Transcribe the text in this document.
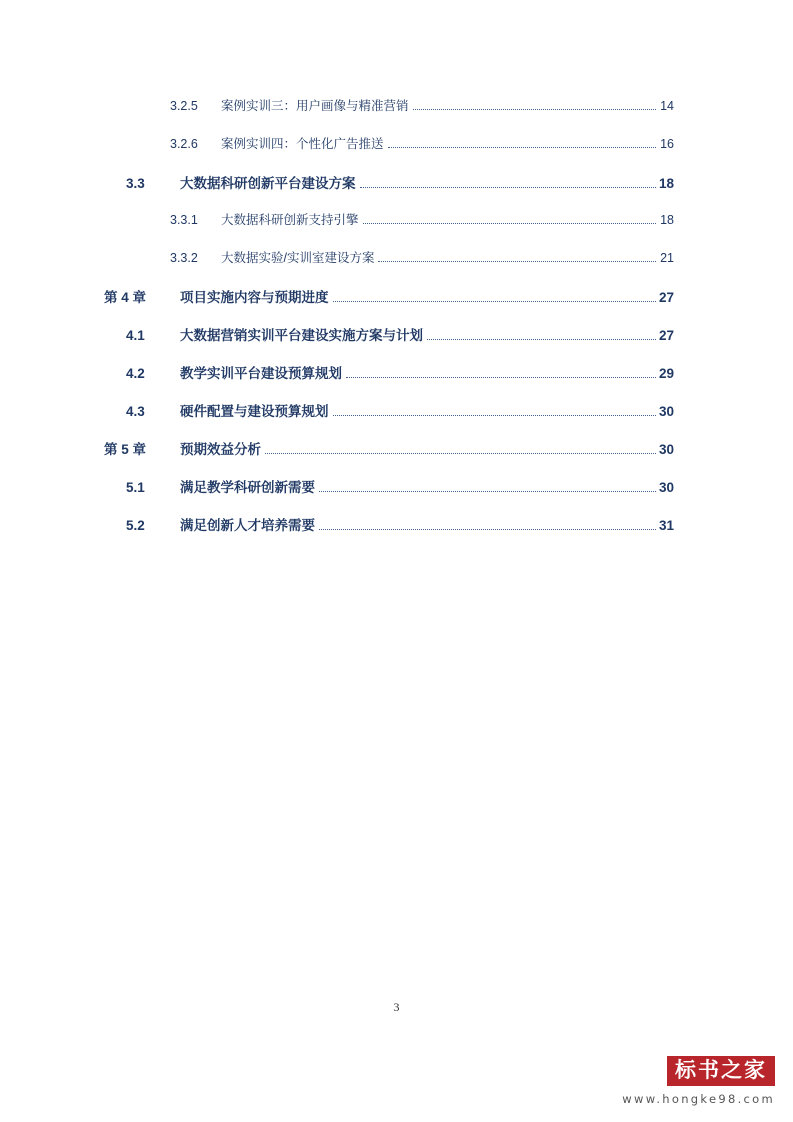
3.2.5	案例实训三：用户画像与精准营销	14
3.2.6	案例实训四：个性化广告推送	16
3.3	大数据科研创新平台建设方案	18
3.3.1	大数据科研创新支持引擎	18
3.3.2	大数据实验/实训室建设方案	21
第 4 章	项目实施内容与预期进度	27
4.1	大数据营销实训平台建设实施方案与计划	27
4.2	教学实训平台建设预算规划	29
4.3	硬件配置与建设预算规划	30
第 5 章	预期效益分析	30
5.1	满足教学科研创新需要	30
5.2	满足创新人才培养需要	31
3
标书之家
www.hongke98.com
